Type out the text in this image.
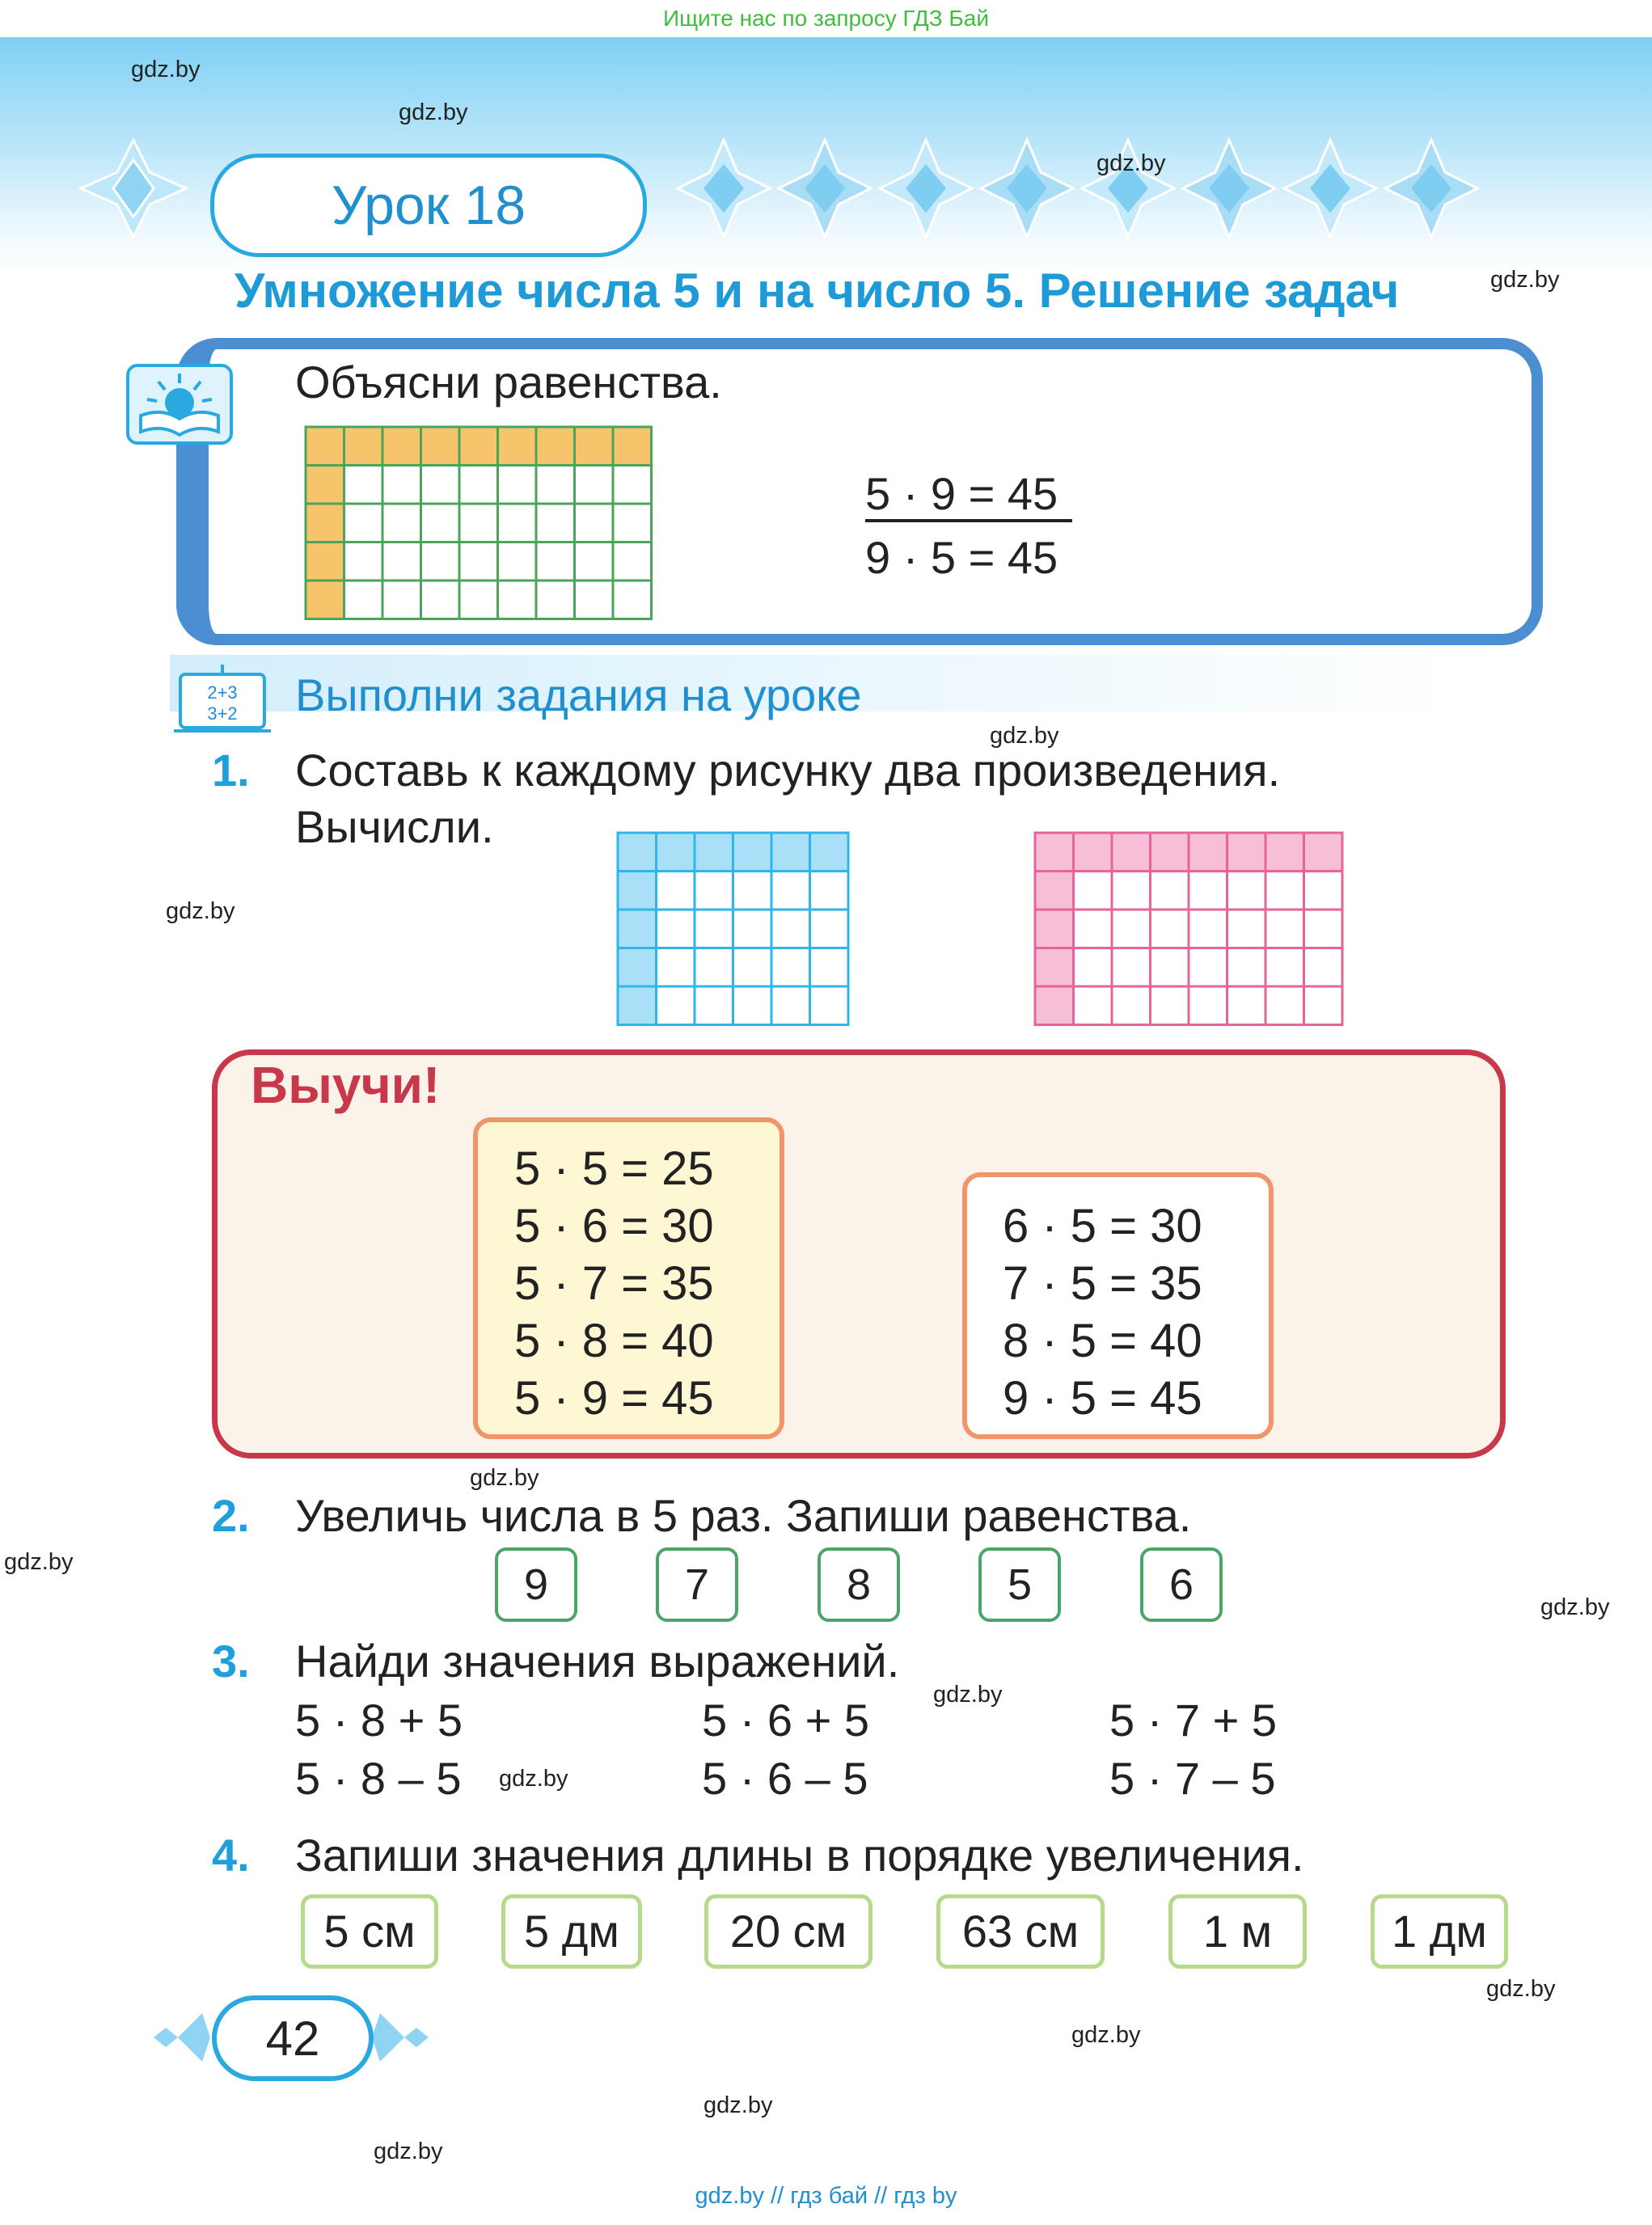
Ищите нас по запросу ГДЗ Бай
Урок 18
Умножение числа 5 и на число 5. Решение задач
gdz.by
gdz.by
gdz.by
gdz.by
gdz.by
gdz.by
gdz.by
gdz.by
gdz.by
gdz.by
gdz.by
gdz.by
gdz.by
gdz.by
gdz.by
Объясни равенства.
5 · 9 = 45
9 · 5 = 45
2+3
3+2 Выполни задания на уроке
1. Составь к каждому рисунку два произведения.
Вычисли.
Выучи!
5 · 5 = 25
5 · 6 = 30
5 · 7 = 35
5 · 8 = 40
5 · 9 = 45
6 · 5 = 30
7 · 5 = 35
8 · 5 = 40
9 · 5 = 45
2. Увеличь числа в 5 раз. Запиши равенства.
9	7	8	5	6
3. Найди значения выражений.
5 · 8 + 5	5 · 6 + 5	5 · 7 + 5
5 · 8 – 5	5 · 6 – 5	5 · 7 – 5
4. Запиши значения длины в порядке увеличения.
5 см	5 дм	20 см	63 см	1 м	1 дм
42
gdz.by // гдз бай // гдз by
